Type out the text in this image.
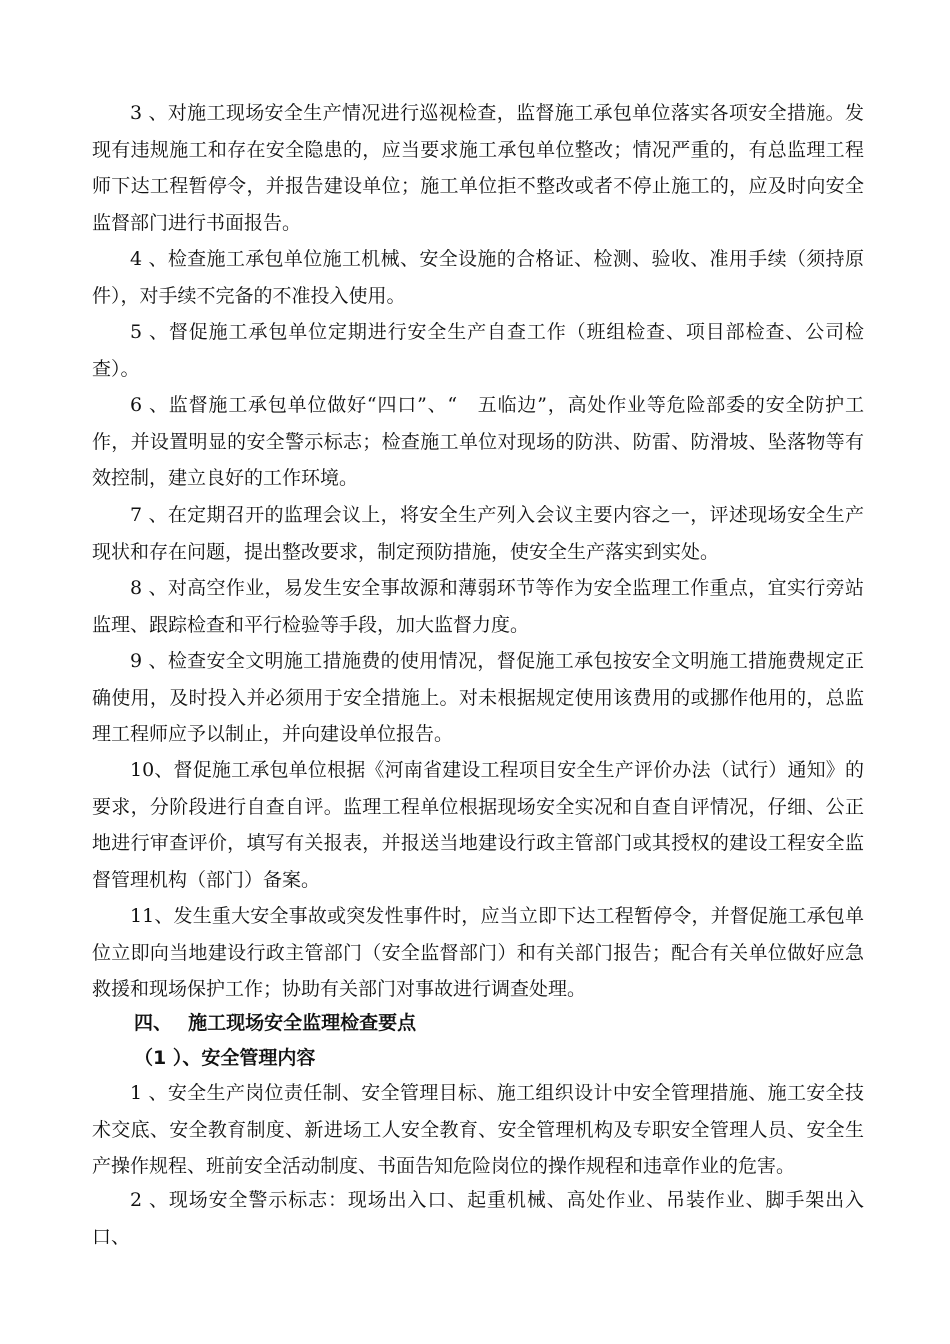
3 、对施工现场安全生产情况进行巡视检查，监督施工承包单位落实各项安全措施。发现有违规施工和存在安全隐患的，应当要求施工承包单位整改；情况严重的，有总监理工程师下达工程暂停令，并报告建设单位；施工单位拒不整改或者不停止施工的，应及时向安全监督部门进行书面报告。

4 、检查施工承包单位施工机械、安全设施的合格证、检测、验收、准用手续（须持原件），对手续不完备的不准投入使用。

5 、督促施工承包单位定期进行安全生产自查工作（班组检查、项目部检查、公司检查）。

6 、监督施工承包单位做好“四口”、“　五临边”，高处作业等危险部委的安全防护工作，并设置明显的安全警示标志；检查施工单位对现场的防洪、防雷、防滑坡、坠落物等有效控制，建立良好的工作环境。

7 、在定期召开的监理会议上，将安全生产列入会议主要内容之一，评述现场安全生产现状和存在问题，提出整改要求，制定预防措施，使安全生产落实到实处。

8 、对高空作业，易发生安全事故源和薄弱环节等作为安全监理工作重点，宜实行旁站监理、跟踪检查和平行检验等手段，加大监督力度。

9 、检查安全文明施工措施费的使用情况，督促施工承包按安全文明施工措施费规定正确使用，及时投入并必须用于安全措施上。对未根据规定使用该费用的或挪作他用的，总监理工程师应予以制止，并向建设单位报告。

10、督促施工承包单位根据《河南省建设工程项目安全生产评价办法（试行）通知》的要求，分阶段进行自查自评。监理工程单位根据现场安全实况和自查自评情况，仔细、公正地进行审查评价，填写有关报表，并报送当地建设行政主管部门或其授权的建设工程安全监督管理机构（部门）备案。

11、发生重大安全事故或突发性事件时，应当立即下达工程暂停令，并督促施工承包单位立即向当地建设行政主管部门（安全监督部门）和有关部门报告；配合有关单位做好应急救援和现场保护工作；协助有关部门对事故进行调查处理。

四、　 施工现场安全监理检查要点

（1 ）、安全管理内容

1 、安全生产岗位责任制、安全管理目标、施工组织设计中安全管理措施、施工安全技术交底、安全教育制度、新进场工人安全教育、安全管理机构及专职安全管理人员、安全生产操作规程、班前安全活动制度、书面告知危险岗位的操作规程和违章作业的危害。

2 、现场安全警示标志：现场出入口、起重机械、高处作业、吊装作业、脚手架出入口、
